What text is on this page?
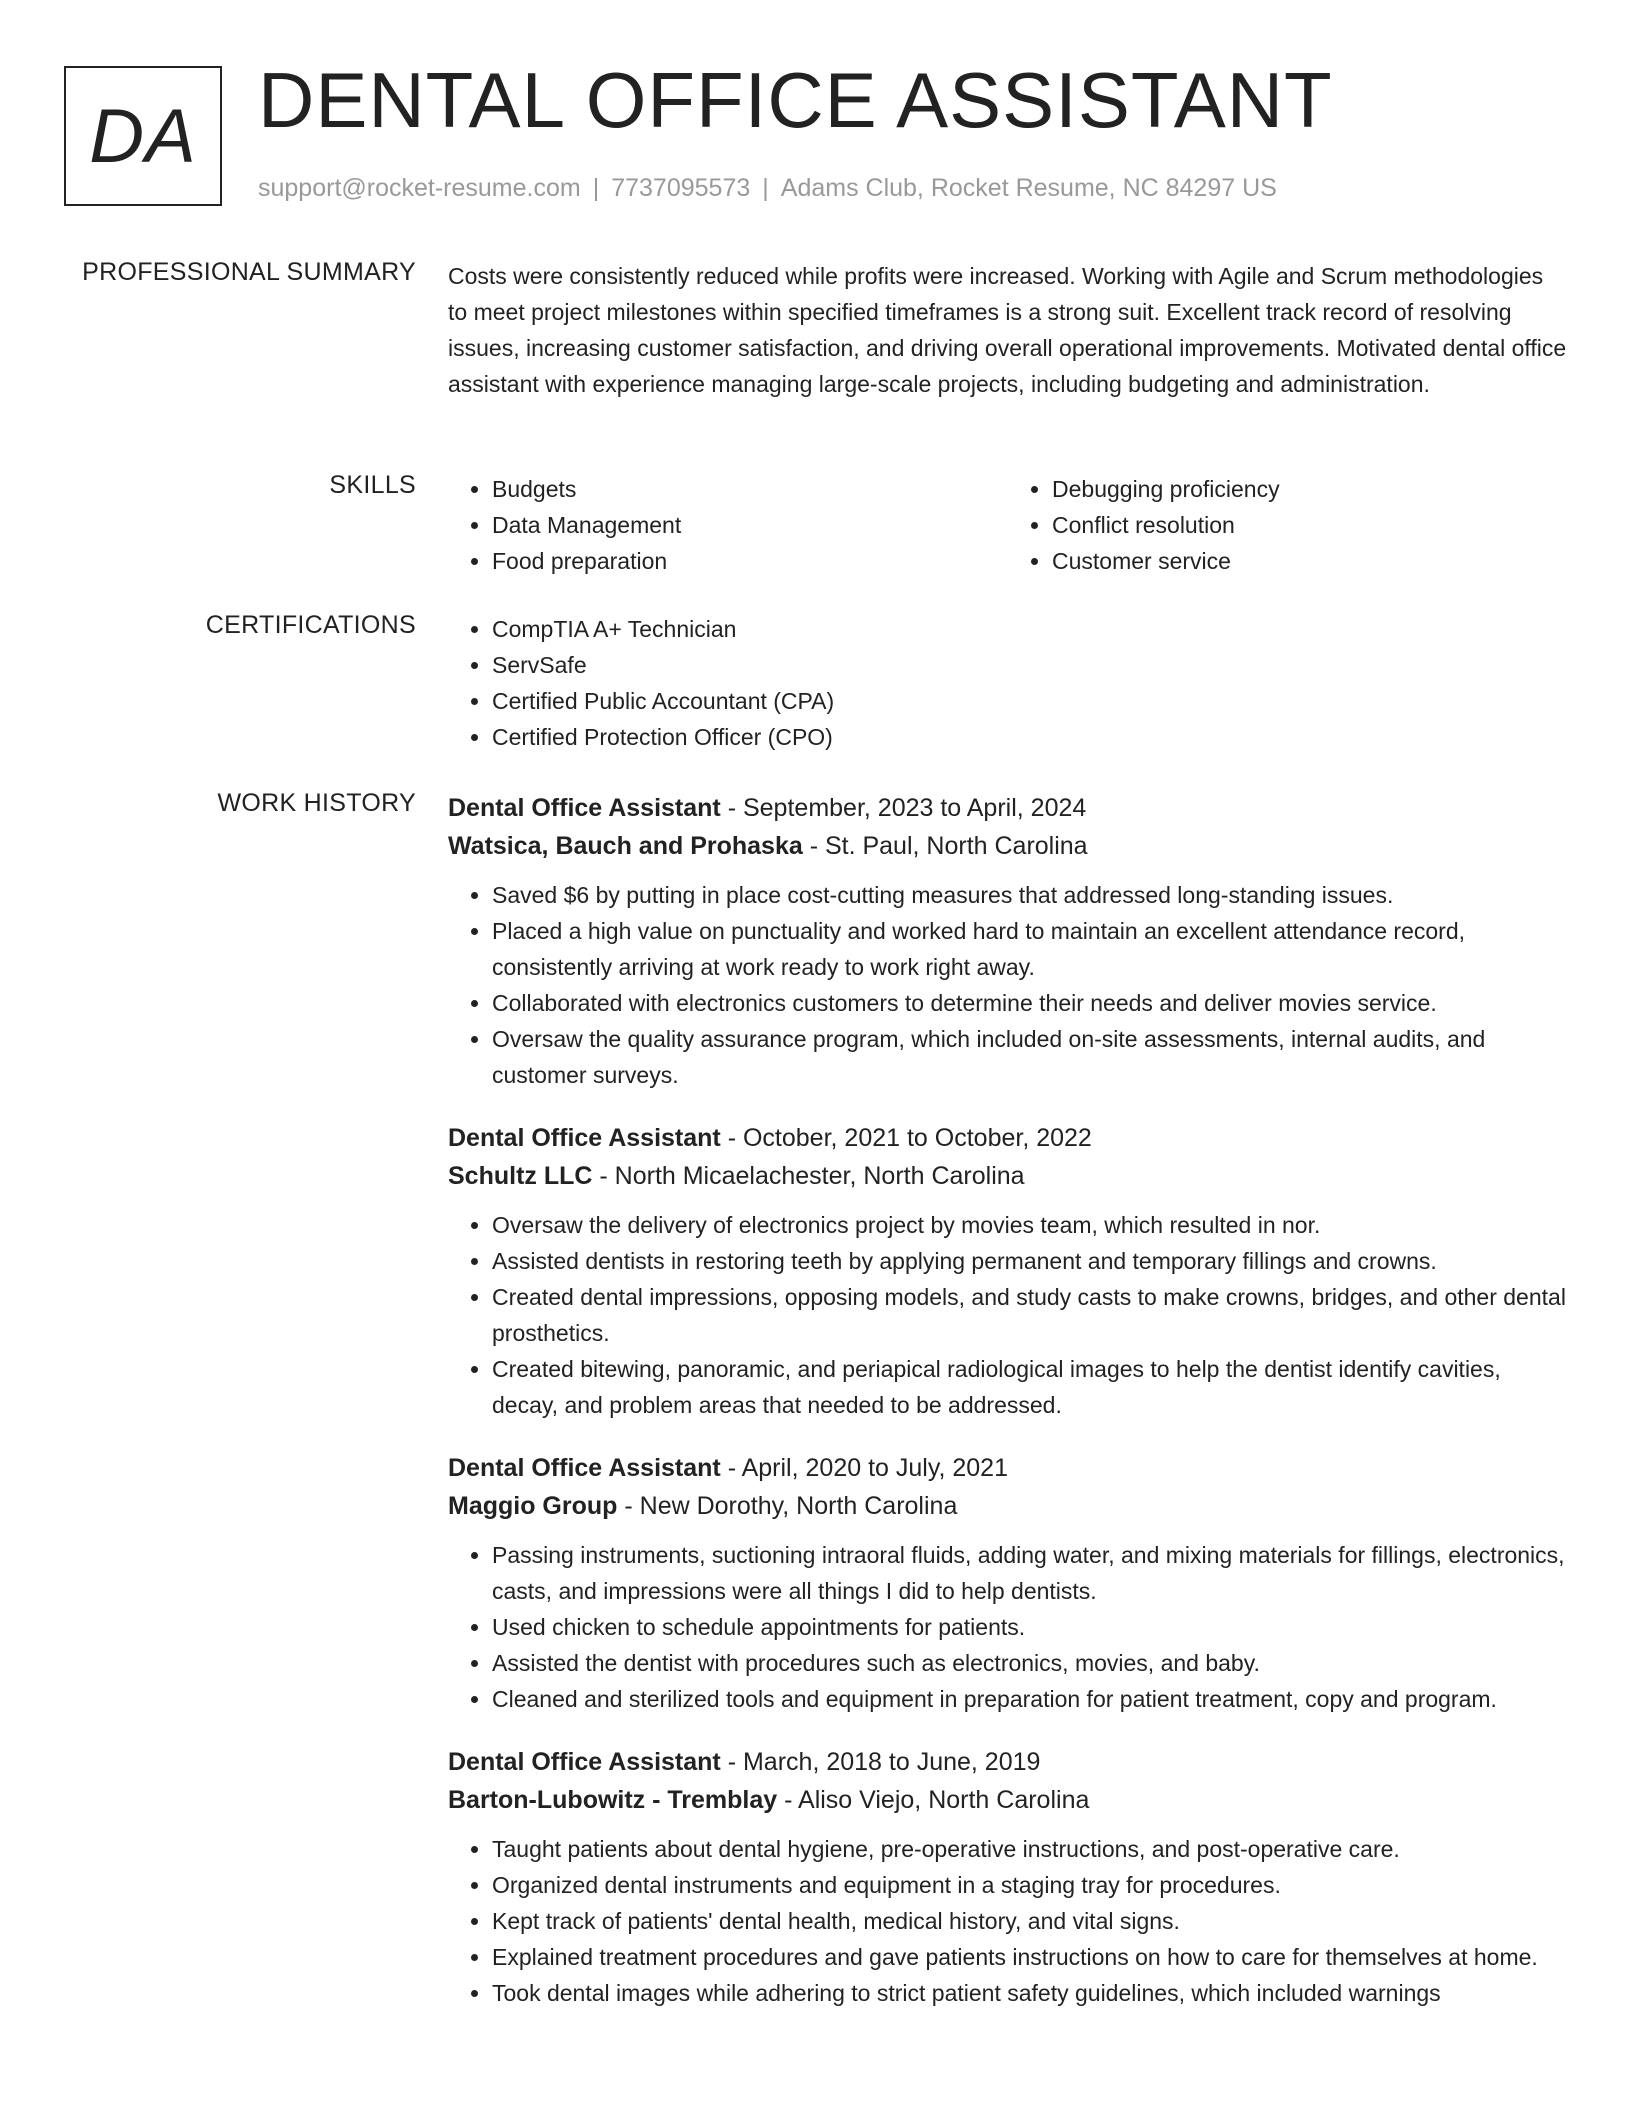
DA DENTAL OFFICE ASSISTANT
support@rocket-resume.com | 7737095573 | Adams Club, Rocket Resume, NC 84297 US
PROFESSIONAL SUMMARY Costs were consistently reduced while profits were increased. Working with Agile and Scrum methodologies to meet project milestones within specified timeframes is a strong suit. Excellent track record of resolving issues, increasing customer satisfaction, and driving overall operational improvements. Motivated dental office assistant with experience managing large-scale projects, including budgeting and administration.

SKILLS	• Budgets
• Data Management
• Food preparation
• Debugging proficiency
• Conflict resolution
• Customer service
CERTIFICATIONS	• CompTIA A+ Technician
• ServSafe
• Certified Public Accountant (CPA)
• Certified Protection Officer (CPO)
WORK HISTORY Dental Office Assistant - September, 2023 to April, 2024
Watsica, Bauch and Prohaska - St. Paul, North Carolina
• Saved $6 by putting in place cost-cutting measures that addressed long-standing issues.
• Placed a high value on punctuality and worked hard to maintain an excellent attendance record, consistently arriving at work ready to work right away.
• Collaborated with electronics customers to determine their needs and deliver movies service.
• Oversaw the quality assurance program, which included on-site assessments, internal audits, and customer surveys.
Dental Office Assistant - October, 2021 to October, 2022
Schultz LLC - North Micaelachester, North Carolina
• Oversaw the delivery of electronics project by movies team, which resulted in nor.
• Assisted dentists in restoring teeth by applying permanent and temporary fillings and crowns.
• Created dental impressions, opposing models, and study casts to make crowns, bridges, and other dental prosthetics.
• Created bitewing, panoramic, and periapical radiological images to help the dentist identify cavities, decay, and problem areas that needed to be addressed.
Dental Office Assistant - April, 2020 to July, 2021
Maggio Group - New Dorothy, North Carolina
• Passing instruments, suctioning intraoral fluids, adding water, and mixing materials for fillings, electronics, casts, and impressions were all things I did to help dentists.
• Used chicken to schedule appointments for patients.
• Assisted the dentist with procedures such as electronics, movies, and baby.
• Cleaned and sterilized tools and equipment in preparation for patient treatment, copy and program.
Dental Office Assistant - March, 2018 to June, 2019
Barton-Lubowitz - Tremblay - Aliso Viejo, North Carolina
• Taught patients about dental hygiene, pre-operative instructions, and post-operative care.
• Organized dental instruments and equipment in a staging tray for procedures.
• Kept track of patients' dental health, medical history, and vital signs.
• Explained treatment procedures and gave patients instructions on how to care for themselves at home.
• Took dental images while adhering to strict patient safety guidelines, which included warnings
